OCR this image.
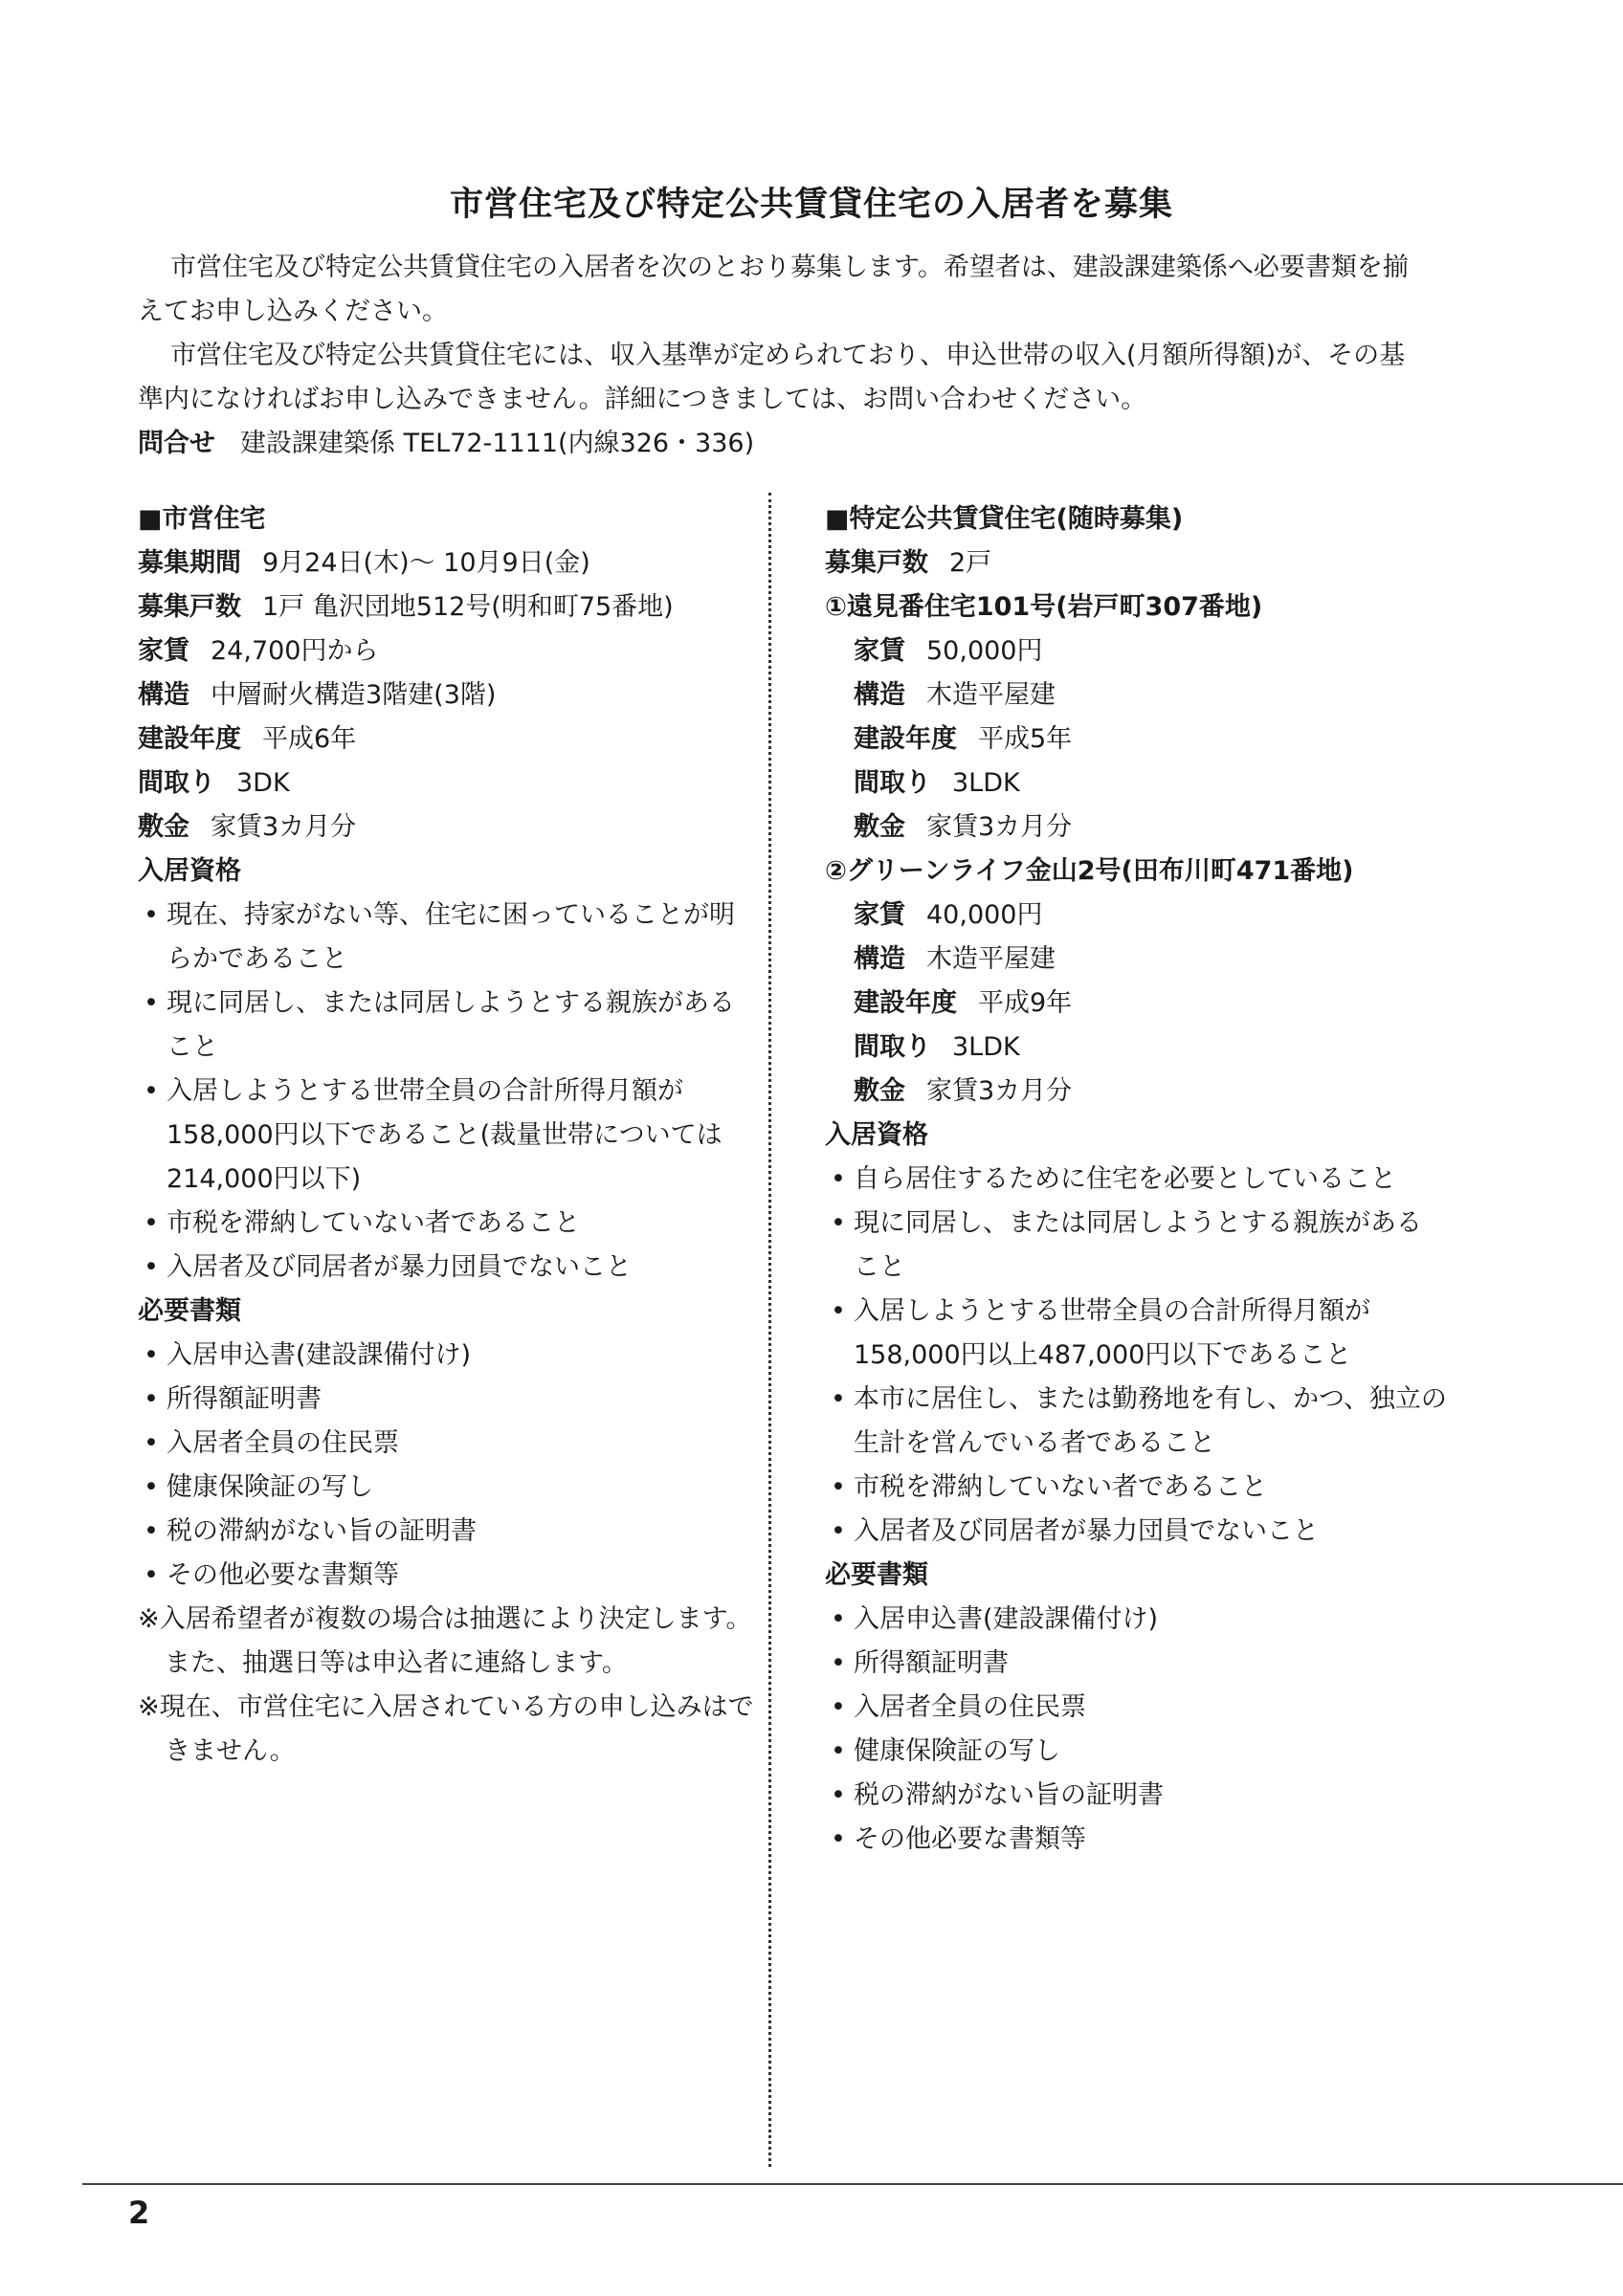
市営住宅及び特定公共賃貸住宅の入居者を募集

市営住宅及び特定公共賃貸住宅の入居者を次のとおり募集します。希望者は、建設課建築係へ必要書類を揃えてお申し込みください。

市営住宅及び特定公共賃貸住宅には、収入基準が定められており、申込世帯の収入(月額所得額)が、その基準内になければお申し込みできません。詳細につきましては、お問い合わせください。

問合せ 建設課建築係 TEL72-1111(内線326・336)

■市営住宅
募集期間 9月24日(木)～ 10月9日(金)
募集戸数 1戸 亀沢団地512号(明和町75番地)
家賃 24,700円から
構造 中層耐火構造3階建(3階)
建設年度 平成6年
間取り 3DK
敷金 家賃3カ月分

入居資格

• 現在、持家がない等、住宅に困っていることが明らかであること
• 現に同居し、または同居しようとする親族があること
• 入居しようとする世帯全員の合計所得月額が158,000円以下であること(裁量世帯については214,000円以下)
• 市税を滞納していない者であること
• 入居者及び同居者が暴力団員でないこと

必要書類

• 入居申込書(建設課備付け)
• 所得額証明書
• 入居者全員の住民票
• 健康保険証の写し
• 税の滞納がない旨の証明書
• その他必要な書類等

※入居希望者が複数の場合は抽選により決定します。また、抽選日等は申込者に連絡します。

※現在、市営住宅に入居されている方の申し込みはできません。

■特定公共賃貸住宅(随時募集)
募集戸数 2戸

①遠見番住宅101号(岩戸町307番地)

家賃 50,000円
構造 木造平屋建
建設年度 平成5年
間取り 3LDK
敷金 家賃3カ月分

②グリーンライフ金山2号(田布川町471番地)

家賃 40,000円
構造 木造平屋建
建設年度 平成9年
間取り 3LDK
敷金 家賃3カ月分

入居資格

• 自ら居住するために住宅を必要としていること
• 現に同居し、または同居しようとする親族があること
• 入居しようとする世帯全員の合計所得月額が158,000円以上487,000円以下であること
• 本市に居住し、または勤務地を有し、かつ、独立の生計を営んでいる者であること
• 市税を滞納していない者であること
• 入居者及び同居者が暴力団員でないこと

必要書類

• 入居申込書(建設課備付け)
• 所得額証明書
• 入居者全員の住民票
• 健康保険証の写し
• 税の滞納がない旨の証明書
• その他必要な書類等
2
